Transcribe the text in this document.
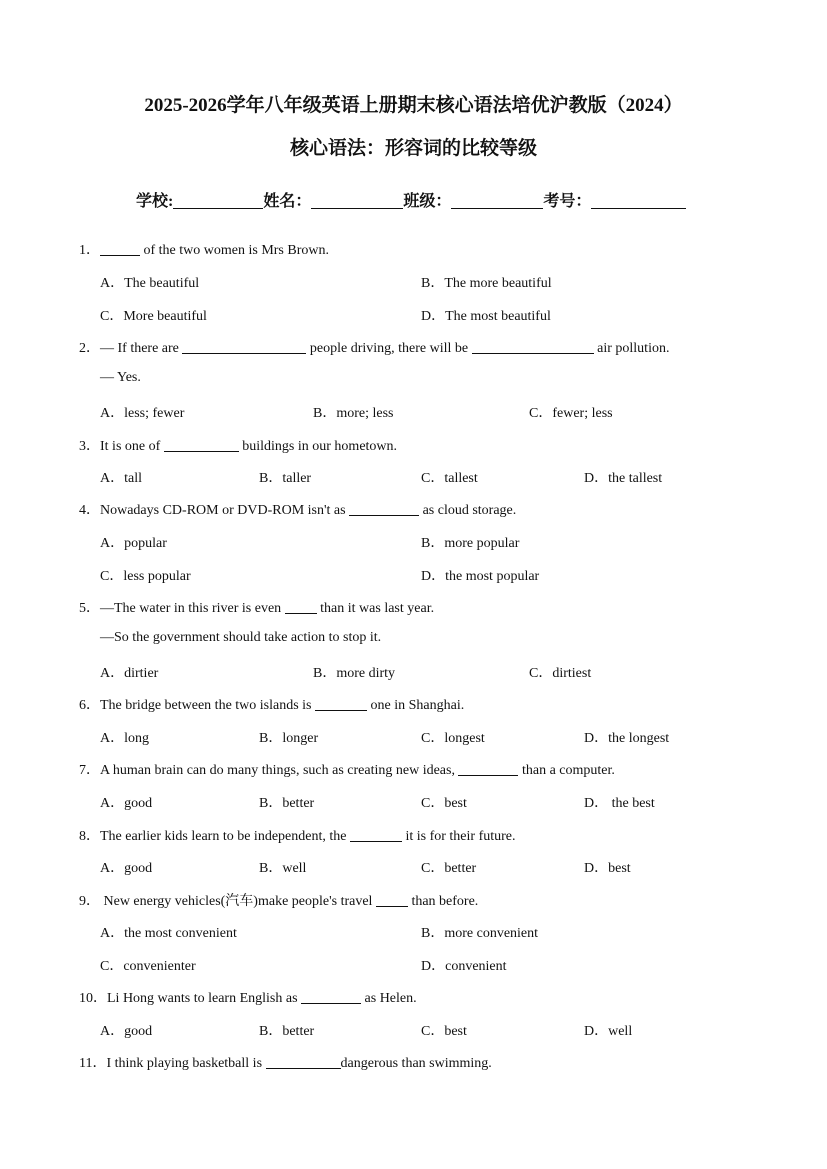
2025-2026学年八年级英语上册期末核心语法培优沪教版（2024）
核心语法：形容词的比较等级
学校:	姓名：	班级：	考号：
1．	of the two women is Mrs Brown.
A．The beautiful	B．The more beautiful
C．More beautiful	D．The most beautiful
2．— If there are	people driving, there will be	air pollution.
— Yes.
A．less; fewer	B．more; less	C．fewer; less
3．It is one of	buildings in our hometown.
A．tall	B．taller	C．tallest	D．the tallest
4．Nowadays CD-ROM or DVD-ROM isn't as	as cloud storage.
A．popular	B．more popular
C．less popular	D．the most popular
5．—The water in this river is even	than it was last year.
—So the government should take action to stop it.
A．dirtier	B．more dirty	C．dirtiest
6．The bridge between the two islands is	one in Shanghai.
A．long	B．longer	C．longest	D．the longest
7．A human brain can do many things, such as creating new ideas,	than a computer.
A．good	B．better	C．best	D． the best
8．The earlier kids learn to be independent, the	it is for their future.
A．good	B．well	C．better	D．best
9． New energy vehicles(汽车)make people's travel	than before.
A．the most convenient	B．more convenient
C．convenienter	D．convenient
10．Li Hong wants to learn English as	as Helen.
A．good	B．better	C．best	D．well
11．I think playing basketball is	dangerous than swimming.
